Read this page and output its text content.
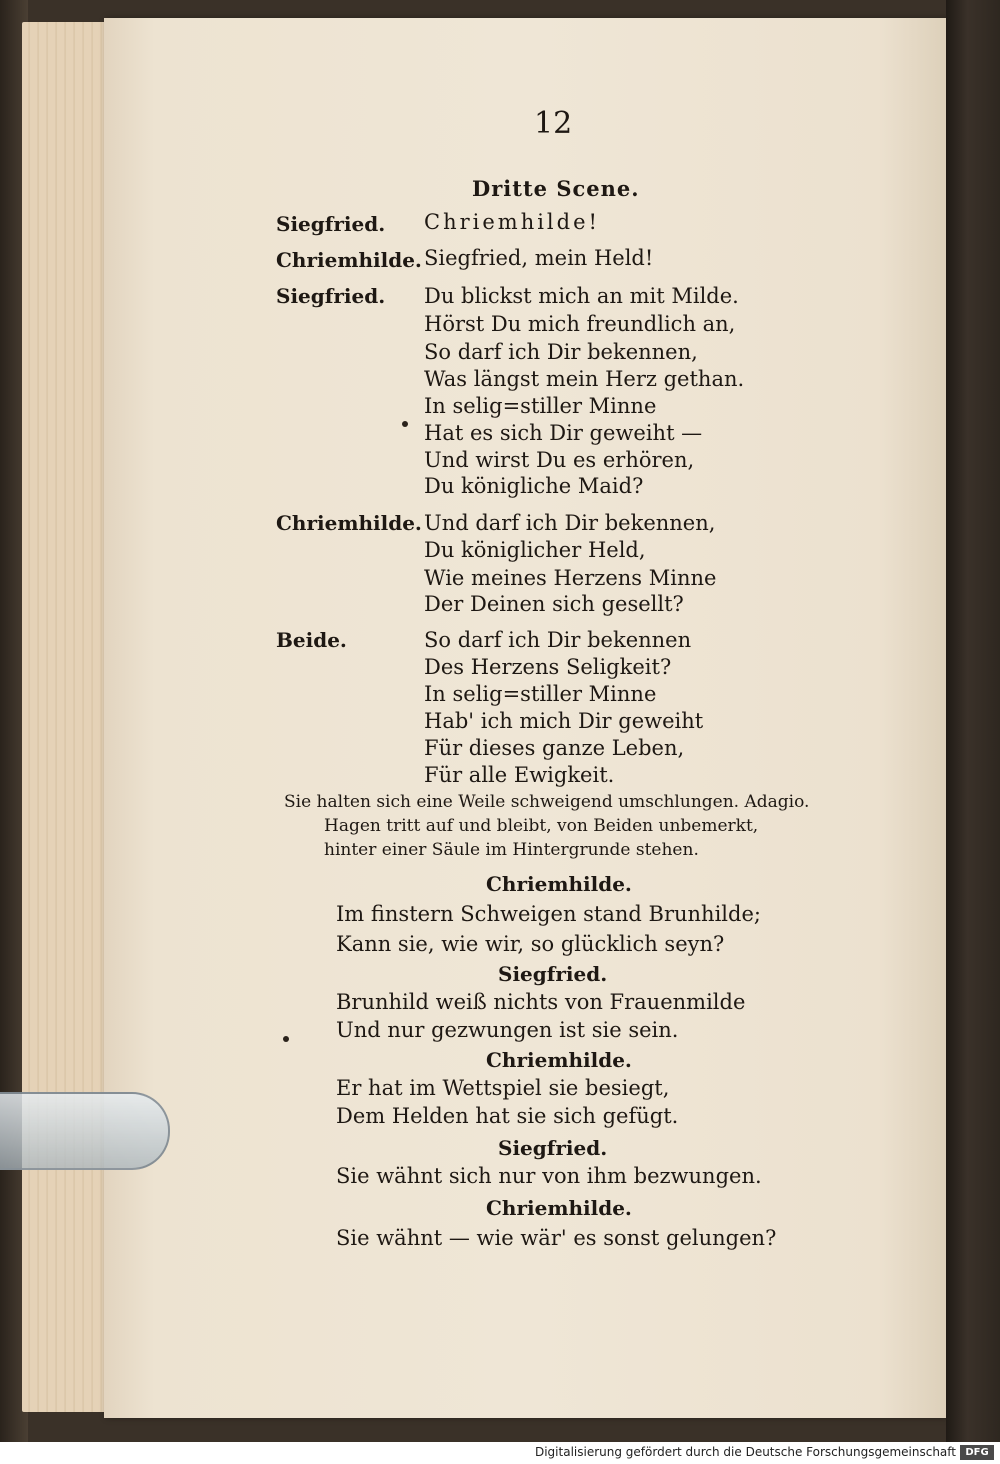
12
Dritte Scene.
Siegfried. Chriemhilde!
Chriemhilde. Siegfried, mein Held!
Siegfried. Du blickst mich an mit Milde.
Hörst Du mich freundlich an,
So darf ich Dir bekennen,
Was längst mein Herz gethan.
In selig=stiller Minne
Hat es sich Dir geweiht —
Und wirst Du es erhören,
Du königliche Maid?
Chriemhilde. Und darf ich Dir bekennen,
Du königlicher Held,
Wie meines Herzens Minne
Der Deinen sich gesellt?
Beide.	So darf ich Dir bekennen
Des Herzens Seligkeit?
In selig=stiller Minne
Hab' ich mich Dir geweiht
Für dieses ganze Leben,
Für alle Ewigkeit.
Sie halten sich eine Weile schweigend umschlungen. Adagio.
Hagen tritt auf und bleibt, von Beiden unbemerkt,
hinter einer Säule im Hintergrunde stehen.
Chriemhilde.
Im finstern Schweigen stand Brunhilde;
Kann sie, wie wir, so glücklich seyn?
Siegfried.
Brunhild weiß nichts von Frauenmilde
Und nur gezwungen ist sie sein.
Chriemhilde.
Er hat im Wettspiel sie besiegt,
Dem Helden hat sie sich gefügt.
Siegfried.
Sie wähnt sich nur von ihm bezwungen.
Chriemhilde.
Sie wähnt — wie wär' es sonst gelungen?
Digitalisierung gefördert durch die Deutsche Forschungsgemeinschaft DFG
